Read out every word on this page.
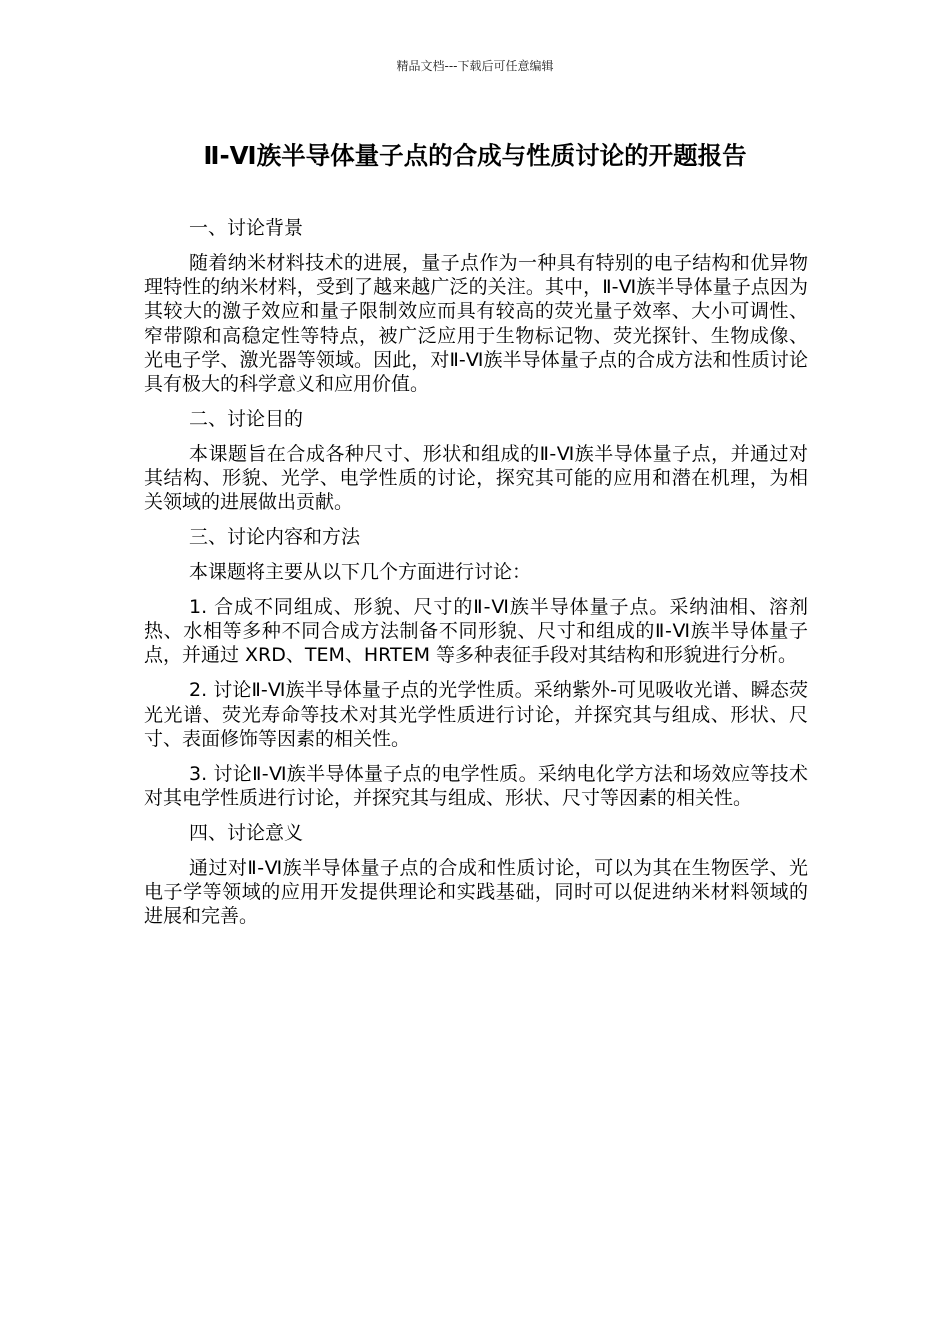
精品文档---下载后可任意编辑
Ⅱ-Ⅵ族半导体量子点的合成与性质讨论的开题报告

一、讨论背景

随着纳米材料技术的进展，量子点作为一种具有特别的电子结构和优异物理特性的纳米材料，受到了越来越广泛的关注。其中，Ⅱ-Ⅵ族半导体量子点因为其较大的激子效应和量子限制效应而具有较高的荧光量子效率、大小可调性、窄带隙和高稳定性等特点，被广泛应用于生物标记物、荧光探针、生物成像、光电子学、激光器等领域。因此，对Ⅱ-Ⅵ族半导体量子点的合成方法和性质讨论具有极大的科学意义和应用价值。

二、讨论目的

本课题旨在合成各种尺寸、形状和组成的Ⅱ-Ⅵ族半导体量子点，并通过对其结构、形貌、光学、电学性质的讨论，探究其可能的应用和潜在机理，为相关领域的进展做出贡献。

三、讨论内容和方法

本课题将主要从以下几个方面进行讨论：

1. 合成不同组成、形貌、尺寸的Ⅱ-Ⅵ族半导体量子点。采纳油相、溶剂热、水相等多种不同合成方法制备不同形貌、尺寸和组成的Ⅱ-Ⅵ族半导体量子点，并通过 XRD、TEM、HRTEM 等多种表征手段对其结构和形貌进行分析。

2. 讨论Ⅱ-Ⅵ族半导体量子点的光学性质。采纳紫外-可见吸收光谱、瞬态荧光光谱、荧光寿命等技术对其光学性质进行讨论，并探究其与组成、形状、尺寸、表面修饰等因素的相关性。

3. 讨论Ⅱ-Ⅵ族半导体量子点的电学性质。采纳电化学方法和场效应等技术对其电学性质进行讨论，并探究其与组成、形状、尺寸等因素的相关性。

四、讨论意义

通过对Ⅱ-Ⅵ族半导体量子点的合成和性质讨论，可以为其在生物医学、光电子学等领域的应用开发提供理论和实践基础，同时可以促进纳米材料领域的进展和完善。
